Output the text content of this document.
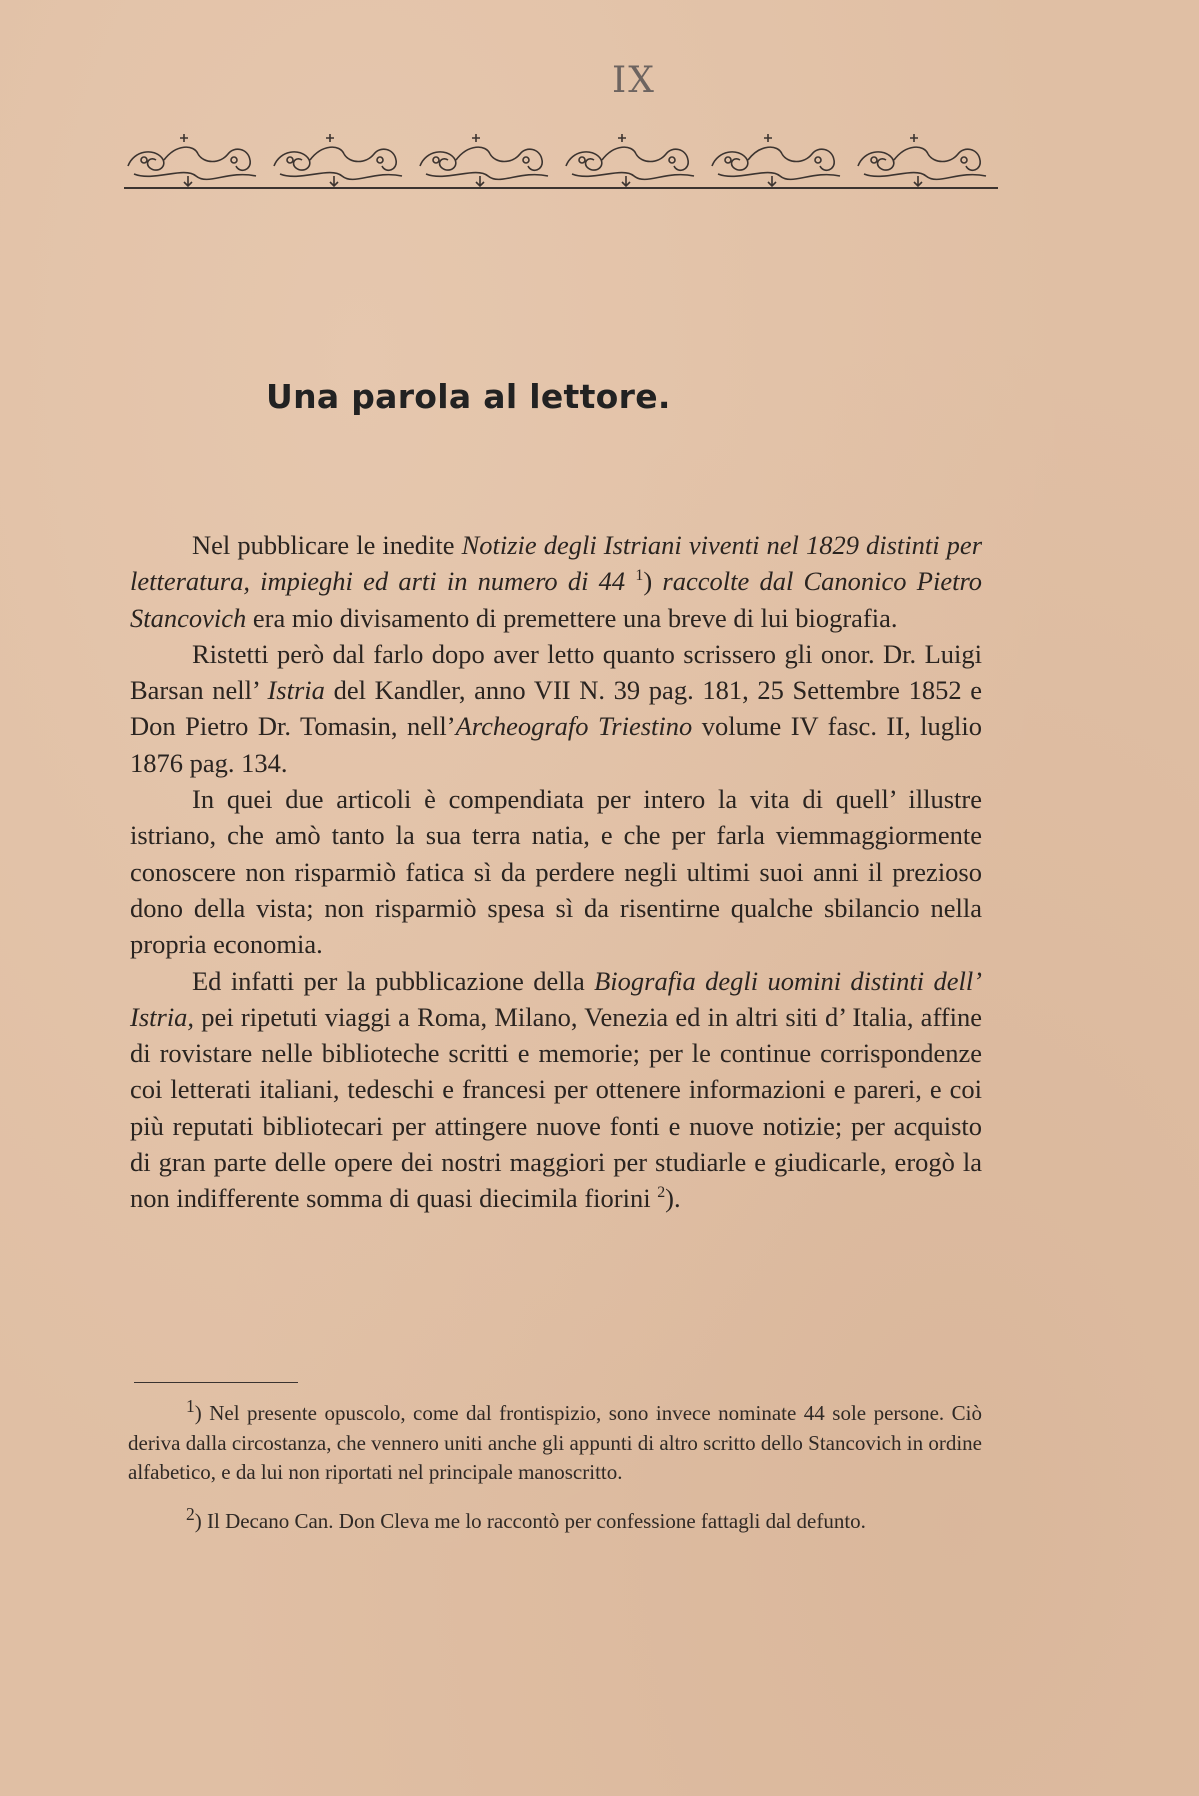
IX
Una parola al lettore.

Nel pubblicare le inedite Notizie degli Istriani viventi nel 1829 distinti per letteratura, impieghi ed arti in numero di 44 $^1$) raccolte dal Canonico Pietro Stancovich era mio divisamento di premettere una breve di lui biografia.

Ristetti però dal farlo dopo aver letto quanto scrissero gli onor. Dr. Luigi Barsan nell’ Istria del Kandler, anno VII N. 39 pag. 181, 25 Settembre 1852 e Don Pietro Dr. Tomasin, nell’Archeografo Triestino volume IV fasc. II, luglio 1876 pag. 134.

In quei due articoli è compendiata per intero la vita di quell’ illustre istriano, che amò tanto la sua terra natia, e che per farla viemmaggiormente conoscere non risparmiò fatica sì da perdere negli ultimi suoi anni il prezioso dono della vista; non risparmiò spesa sì da risentirne qualche sbilancio nella propria economia.

Ed infatti per la pubblicazione della Biografia degli uomini distinti dell’ Istria, pei ripetuti viaggi a Roma, Milano, Venezia ed in altri siti d’ Italia, affine di rovistare nelle biblioteche scritti e memorie; per le continue corrispondenze coi letterati italiani, tedeschi e francesi per ottenere informazioni e pareri, e coi più reputati bibliotecari per attingere nuove fonti e nuove notizie; per acquisto di gran parte delle opere dei nostri maggiori per studiarle e giudicarle, erogò la non indifferente somma di quasi diecimila fiorini $^2$).

$^1$) Nel presente opuscolo, come dal frontispizio, sono invece nominate 44 sole persone. Ciò deriva dalla circostanza, che vennero uniti anche gli appunti di altro scritto dello Stancovich in ordine alfabetico, e da lui non riportati nel principale manoscritto.

$^2$) Il Decano Can. Don Cleva me lo raccontò per confessione fattagli dal defunto.
